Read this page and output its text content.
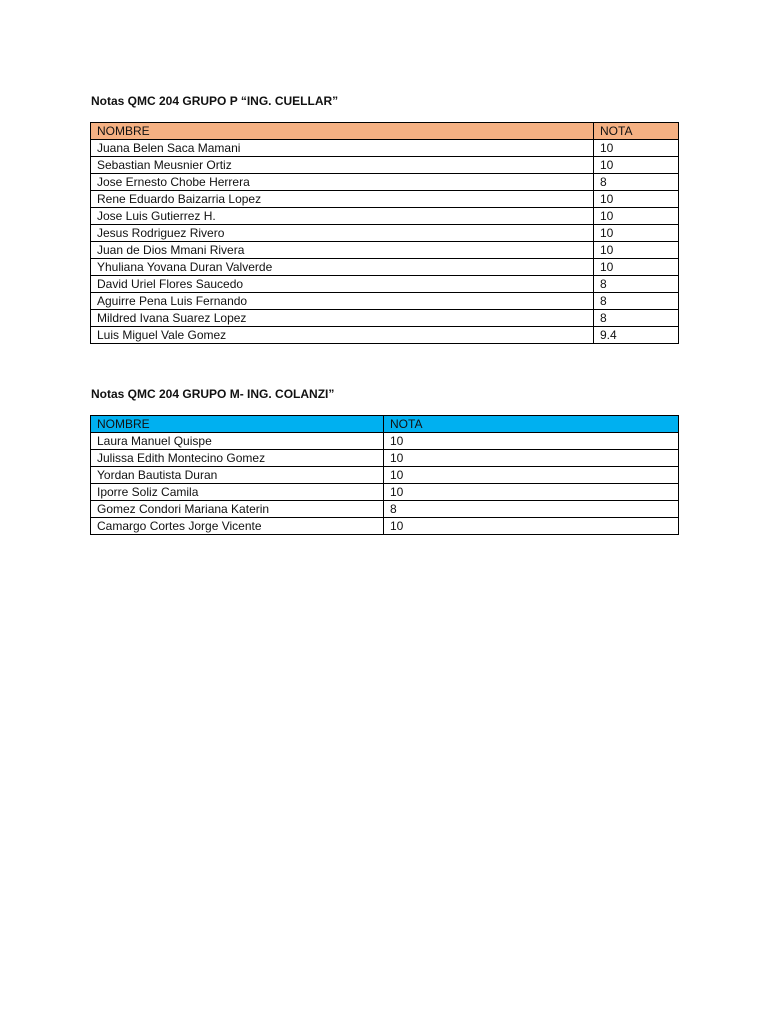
Notas QMC 204 GRUPO P “ING. CUELLAR”
NOMBRE	NOTA
Juana Belen Saca Mamani	10
Sebastian Meusnier Ortiz	10
Jose Ernesto Chobe Herrera	8
Rene Eduardo Baizarria Lopez	10
Jose Luis Gutierrez H.	10
Jesus Rodriguez Rivero	10
Juan de Dios Mmani Rivera	10
Yhuliana Yovana Duran Valverde	10
David Uriel Flores Saucedo	8
Aguirre Pena Luis Fernando	8
Mildred Ivana Suarez Lopez	8
Luis Miguel Vale Gomez	9.4
Notas QMC 204 GRUPO M- ING. COLANZI”
NOMBRE	NOTA
Laura Manuel Quispe	10
Julissa Edith Montecino Gomez	10
Yordan Bautista Duran	10
Iporre Soliz Camila	10
Gomez Condori Mariana Katerin	8
Camargo Cortes Jorge Vicente	10
